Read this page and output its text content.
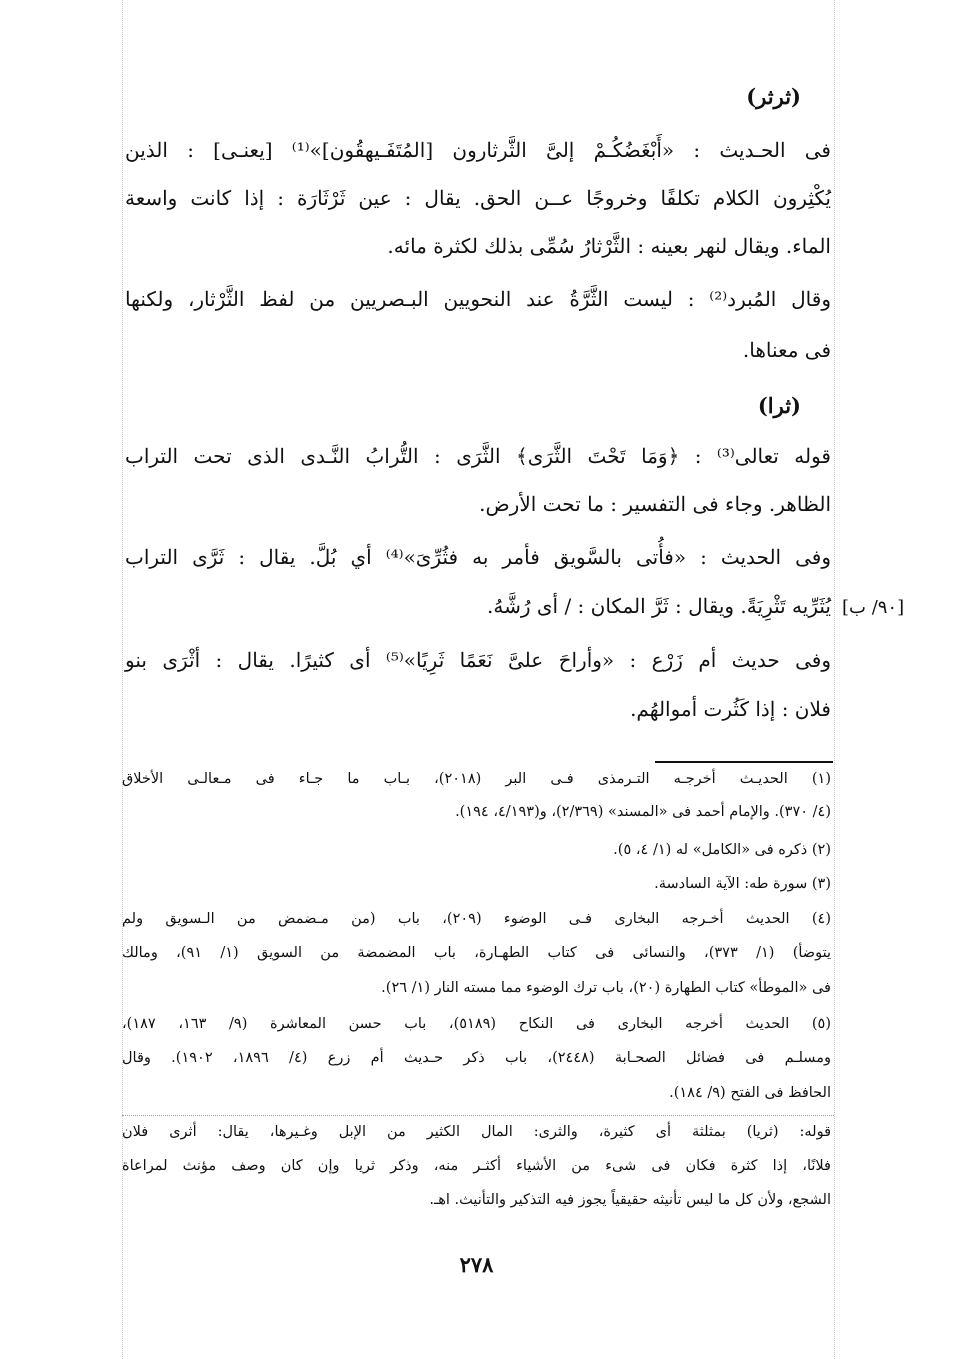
(ثرثر)
فى الحـديث : «أَبْغَضُكُـمْ إلىَّ الثَّرثارون [المُتَفَـيهقُون]»⁽¹⁾ [يعنـى] : الذين
يُكْثِرون الكلام تكلفًا وخروجًا عــن الحق. يقال : عين ثَرْثَارَة : إذا كانت واسعة
الماء. ويقال لنهر بعينه : الثَّرْثارُ سُمِّى بذلك لكثرة مائه.
وقال المُبرد⁽²⁾ : ليست الثَّرَّةُ عند النحويين البـصريين من لفظ الثَّرْثار، ولكنها
فى معناها.
(ثرا)
قوله تعالى⁽³⁾ : ﴿وَمَا تَحْتَ الثَّرَى﴾ الثَّرَى : التُّرابُ النَّـدى الذى تحت التراب
الظاهر. وجاء فى التفسير : ما تحت الأرض.
وفى الحديث : «فأُتى بالسَّويق فأمر به فثُرِّىَ»⁽⁴⁾ أي بُلَّ. يقال : ثَرَّى التراب
يُثَرِّيه تَثْرِيَةً. ويقال : ثَرَّ المكان : / أى رُشَّهُ. [٩٠/ ب]
وفى حديث أم زَرْع : «وأراحَ علىَّ نَعَمًا ثَرِيًا»⁽⁵⁾ أى كثيرًا. يقال : أثْرَى بنو
فلان : إذا كَثُرت أموالهُم.
(١) الحديـث أخرجـه التـرمذى فـى البر (٢٠١٨)، بـاب ما جـاء فى مـعالـى الأخلاق
(٤/ ٣٧٠). والإمام أحمد فى «المسند» (٢/٣٦٩)، و(٤/١٩٣، ١٩٤).
(٢) ذكره فى «الكامل» له (١/ ٤، ٥).
(٣) سورة طه: الآية السادسة.
(٤) الحديث أخـرجه البخارى فـى الوضوء (٢٠٩)، باب (من مـضمض من الـسويق ولم
يتوضأ) (١/ ٣٧٣)، والنسائى فى كتاب الطهـارة، باب المضمضة من السويق (١/ ٩١)، ومالك
فى «الموطأ» كتاب الطهارة (٢٠)، باب ترك الوضوء مما مسته النار (١/ ٢٦).
(٥) الحديث أخرجه البخارى فى النكاح (٥١٨٩)، باب حسن المعاشرة (٩/ ١٦٣، ١٨٧)،
ومسلـم فى فضائل الصحـابة (٢٤٤٨)، باب ذكر حـديث أم زرع (٤/ ١٨٩٦، ١٩٠٢). وقال
الحافظ فى الفتح (٩/ ١٨٤).
قوله: (ثريا) بمثلثة أى كثيرة، والثرى: المال الكثير من الإبل وغـيرها، يقال: أثرى فلان
فلانًا، إذا كثرة فكان فى شىء من الأشياء أكثـر منه، وذكر ثريا وإن كان وصف مؤنث لمراعاة
الشجع، ولأن كل ما ليس تأنيثه حقيقياً يجوز فيه التذكير والتأنيث. اهـ.
٢٧٨
